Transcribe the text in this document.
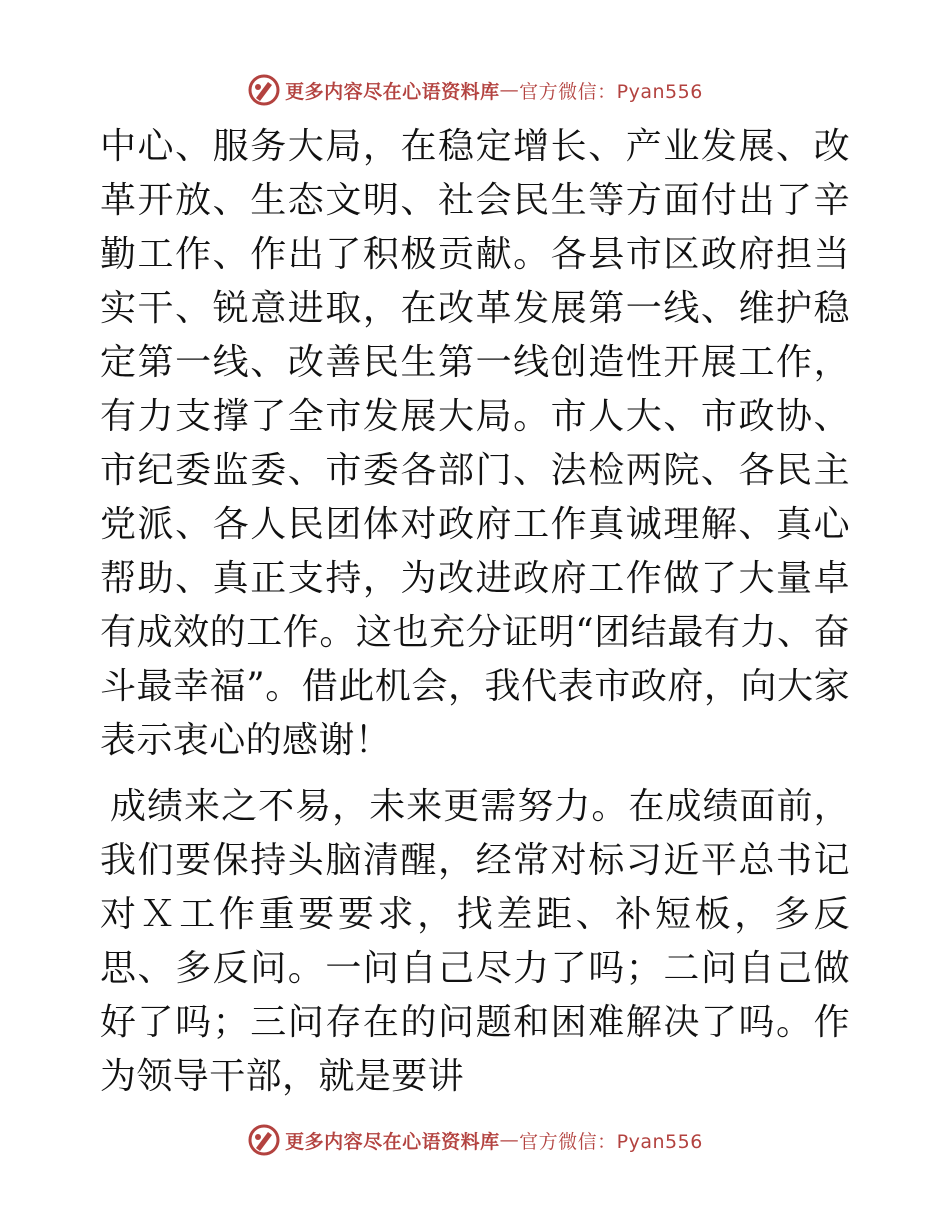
更多内容尽在心语资料库 — 官方微信：Pyan556

中心、服务大局，在稳定增长、产业发展、改革开放、生态文明、社会民生等方面付出了辛勤工作、作出了积极贡献。各县市区政府担当实干、锐意进取，在改革发展第一线、维护稳定第一线、改善民生第一线创造性开展工作，有力支撑了全市发展大局。市人大、市政协、市纪委监委、市委各部门、法检两院、各民主党派、各人民团体对政府工作真诚理解、真心帮助、真正支持，为改进政府工作做了大量卓有成效的工作。这也充分证明“团结最有力、奋斗最幸福”。借此机会，我代表市政府，向大家表示衷心的感谢！

成绩来之不易，未来更需努力。在成绩面前，我们要保持头脑清醒，经常对标习近平总书记对Ｘ工作重要要求，找差距、补短板，多反思、多反问。一问自己尽力了吗；二问自己做好了吗；三问存在的问题和困难解决了吗。作为领导干部，就是要讲

更多内容尽在心语资料库 — 官方微信：Pyan556
